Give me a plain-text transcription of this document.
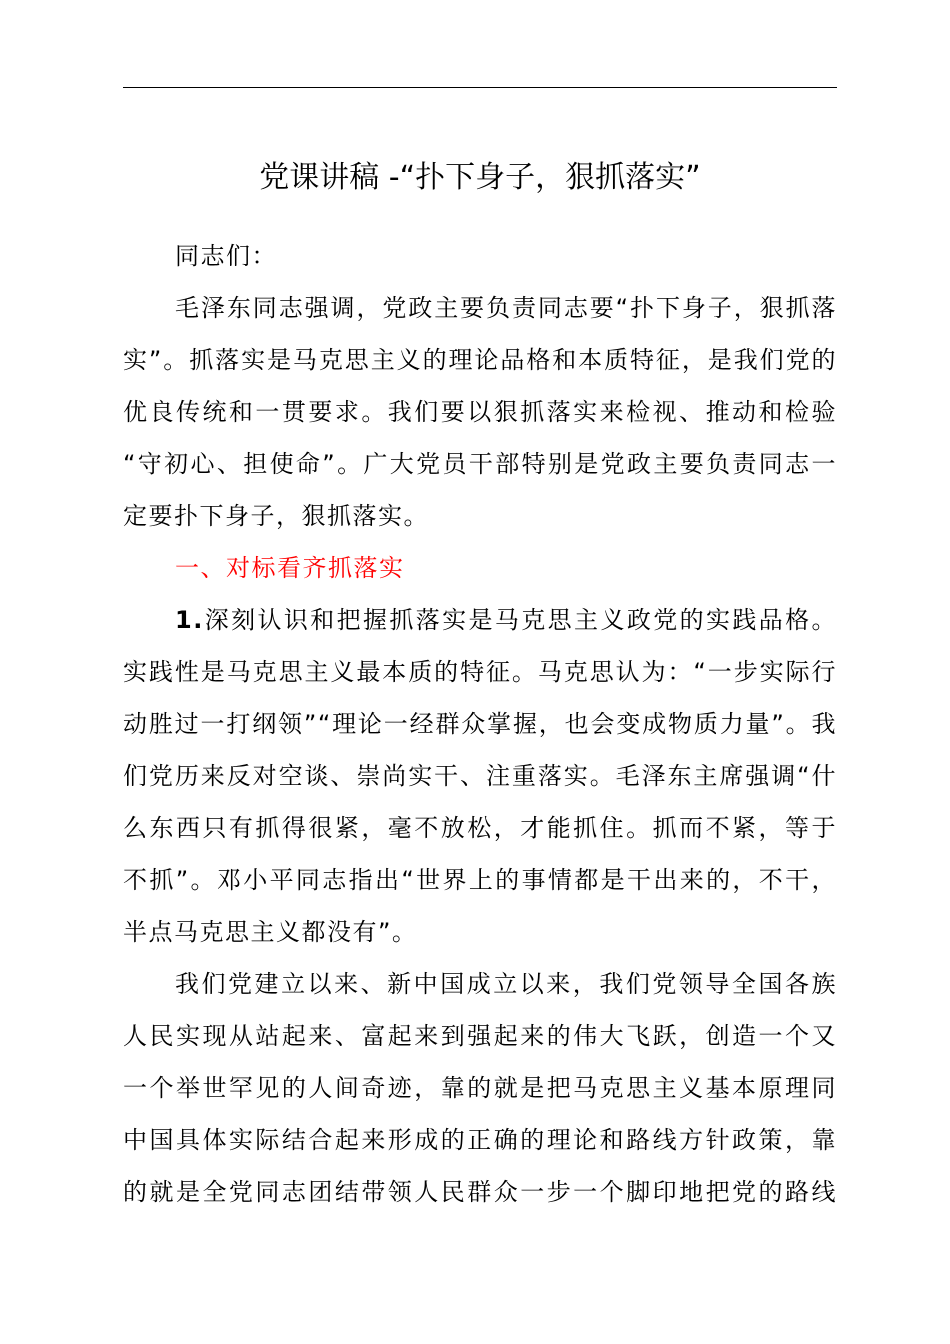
党课讲稿 -“扑下身子，狠抓落实”

同志们：

毛泽东同志强调，党政主要负责同志要“扑下身子，狠抓落
实”。抓落实是马克思主义的理论品格和本质特征，是我们党的
优良传统和一贯要求。我们要以狠抓落实来检视、推动和检验
“守初心、担使命”。广大党员干部特别是党政主要负责同志一
定要扑下身子，狠抓落实。

一、对标看齐抓落实

1.深刻认识和把握抓落实是马克思主义政党的实践品格。
实践性是马克思主义最本质的特征。马克思认为：“一步实际行
动胜过一打纲领”“理论一经群众掌握，也会变成物质力量”。我
们党历来反对空谈、崇尚实干、注重落实。毛泽东主席强调“什
么东西只有抓得很紧，毫不放松，才能抓住。抓而不紧，等于
不抓”。邓小平同志指出“世界上的事情都是干出来的，不干，
半点马克思主义都没有”。

我们党建立以来、新中国成立以来，我们党领导全国各族
人民实现从站起来、富起来到强起来的伟大飞跃，创造一个又
一个举世罕见的人间奇迹，靠的就是把马克思主义基本原理同
中国具体实际结合起来形成的正确的理论和路线方针政策，靠
的就是全党同志团结带领人民群众一步一个脚印地把党的路线
